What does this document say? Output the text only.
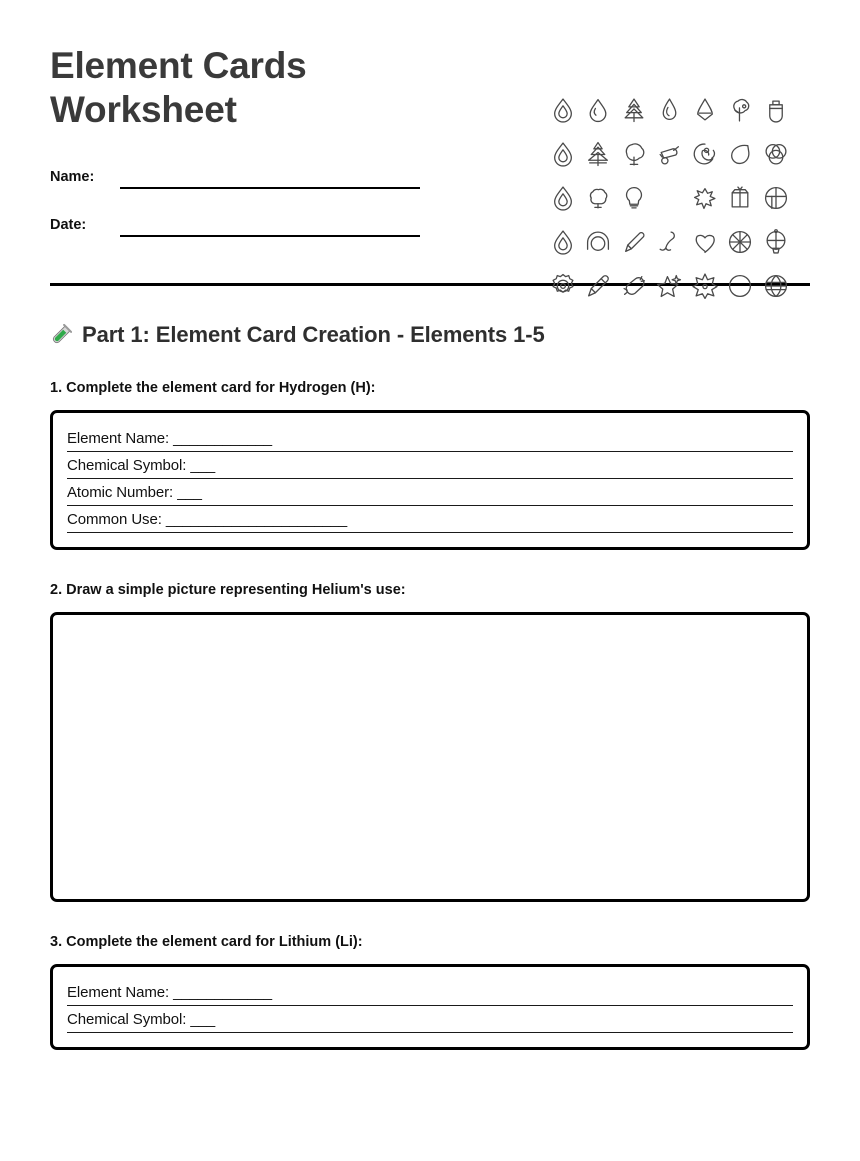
Element Cards Worksheet
Name:
Date:
Part 1: Element Card Creation - Elements 1-5
1. Complete the element card for Hydrogen (H):
Element Name: ____________
Chemical Symbol: ___
Atomic Number: ___
Common Use: ______________________
2. Draw a simple picture representing Helium's use:
3. Complete the element card for Lithium (Li):
Element Name: ____________
Chemical Symbol: ___
